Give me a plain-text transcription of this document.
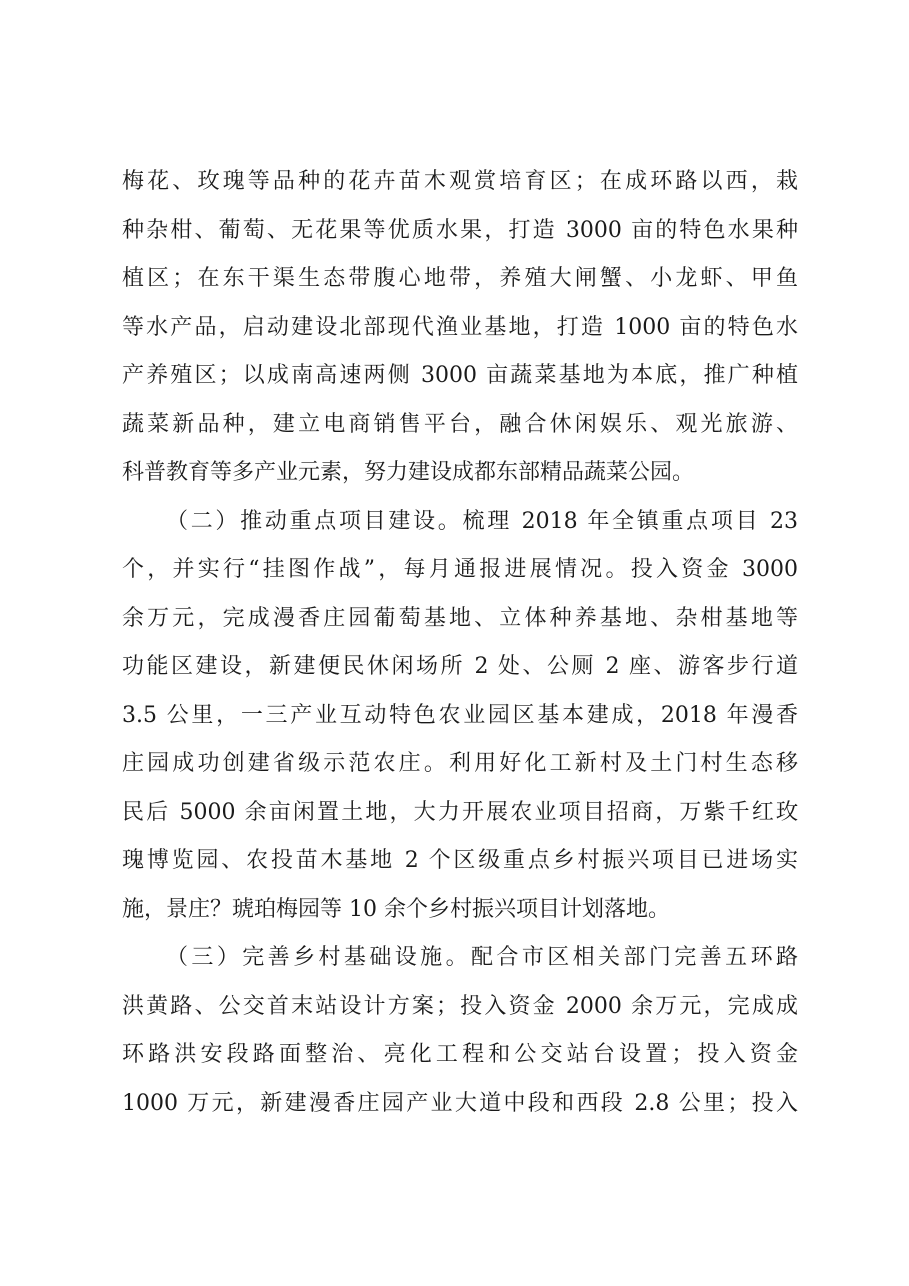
梅花、玫瑰等品种的花卉苗木观赏培育区；在成环路以西，栽
种杂柑、葡萄、无花果等优质水果，打造 3000 亩的特色水果种
植区；在东干渠生态带腹心地带，养殖大闸蟹、小龙虾、甲鱼
等水产品，启动建设北部现代渔业基地，打造 1000 亩的特色水
产养殖区；以成南高速两侧 3000 亩蔬菜基地为本底，推广种植
蔬菜新品种，建立电商销售平台，融合休闲娱乐、观光旅游、
科普教育等多产业元素，努力建设成都东部精品蔬菜公园。
（二）推动重点项目建设。梳理 2018 年全镇重点项目 23
个，并实行“挂图作战”，每月通报进展情况。投入资金 3000
余万元，完成漫香庄园葡萄基地、立体种养基地、杂柑基地等
功能区建设，新建便民休闲场所 2 处、公厕 2 座、游客步行道
3.5 公里，一三产业互动特色农业园区基本建成，2018 年漫香
庄园成功创建省级示范农庄。利用好化工新村及土门村生态移
民后 5000 余亩闲置土地，大力开展农业项目招商，万紫千红玫
瑰博览园、农投苗木基地 2 个区级重点乡村振兴项目已进场实
施，景庄？琥珀梅园等 10 余个乡村振兴项目计划落地。
（三）完善乡村基础设施。配合市区相关部门完善五环路
洪黄路、公交首末站设计方案；投入资金 2000 余万元，完成成
环路洪安段路面整治、亮化工程和公交站台设置；投入资金
1000 万元，新建漫香庄园产业大道中段和西段 2.8 公里；投入
